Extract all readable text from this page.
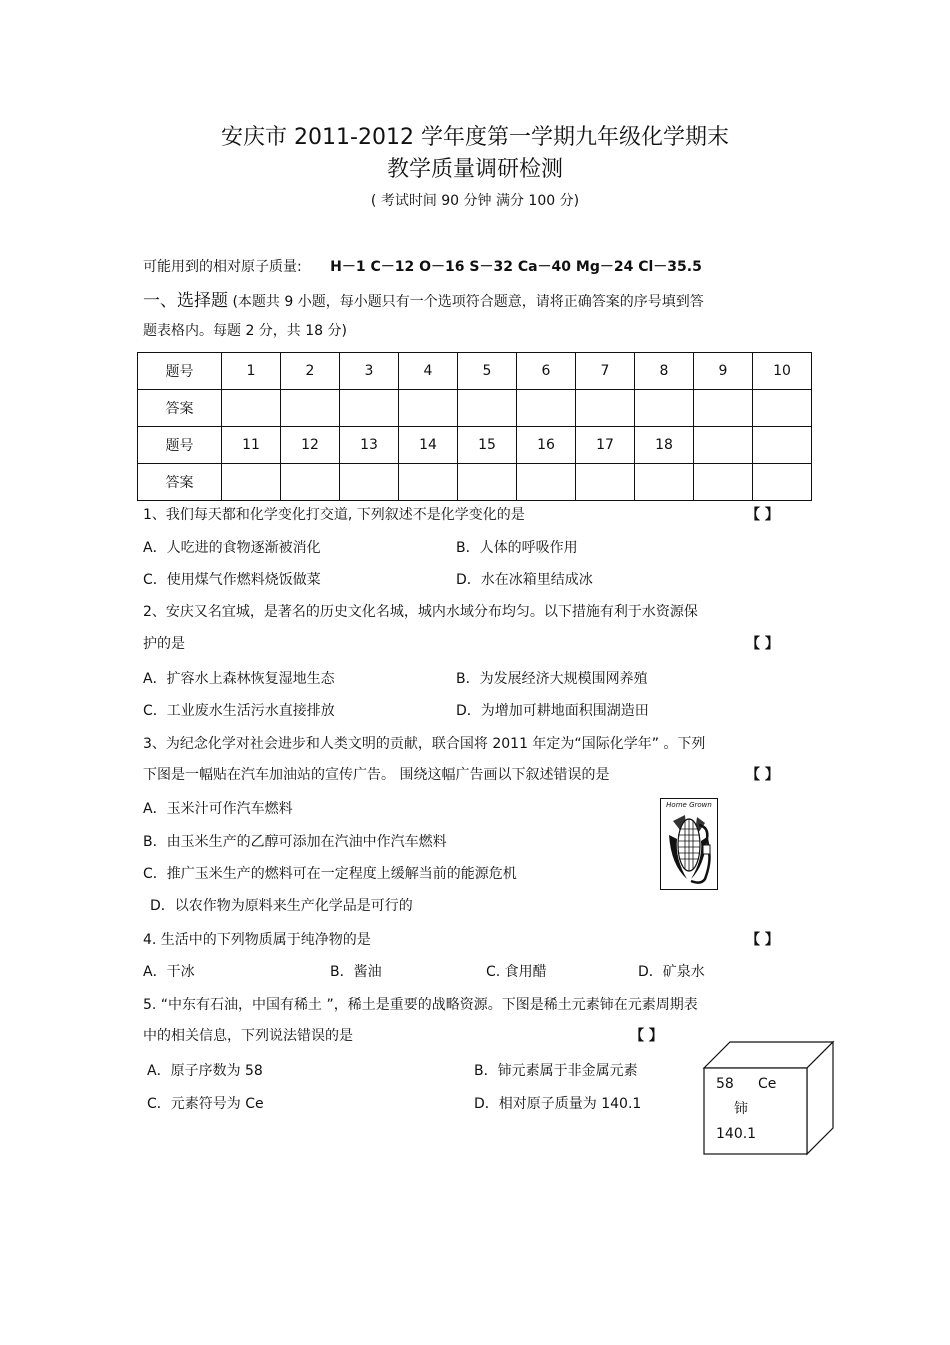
安庆市 2011-2012 学年度第一学期九年级化学期末
教学质量调研检测
( 考试时间 90 分钟 满分 100 分)
可能用到的相对原子质量: H－1 C－12 O－16 S－32 Ca－40 Mg－24 Cl－35.5
一、选择题 (本题共 9 小题，每小题只有一个选项符合题意，请将正确答案的序号填到答
题表格内。每题 2 分，共 18 分)
题号	1	2	3	4	5	6	7	8	9	10
答案										
题号	11	12	13	14	15	16	17	18		
答案										
1、我们每天都和化学变化打交道, 下列叙述不是化学变化的是	【 】
A．人吃进的食物逐渐被消化	B．人体的呼吸作用
C．使用煤气作燃料烧饭做菜	D．水在冰箱里结成冰
2、安庆又名宜城，是著名的历史文化名城，城内水域分布均匀。以下措施有利于水资源保
护的是	【 】
A．扩容水上森林恢复湿地生态	B．为发展经济大规模围网养殖
C．工业废水生活污水直接排放	D．为增加可耕地面积围湖造田
3、为纪念化学对社会进步和人类文明的贡献，联合国将 2011 年定为“国际化学年” 。下列
下图是一幅贴在汽车加油站的宣传广告。 围绕这幅广告画以下叙述错误的是	【 】
A．玉米汁可作汽车燃料
B．由玉米生产的乙醇可添加在汽油中作汽车燃料
C．推广玉米生产的燃料可在一定程度上缓解当前的能源危机
D．以农作物为原料来生产化学品是可行的
Home Grown
4. 生活中的下列物质属于纯净物的是	【 】
A．干冰	B．酱油	C. 食用醋	D．矿泉水
5. “中东有石油，中国有稀土 ”，稀土是重要的战略资源。下图是稀土元素铈在元素周期表
中的相关信息，下列说法错误的是	【 】
A．原子序数为 58	B．铈元素属于非金属元素
C．元素符号为 Ce	D．相对原子质量为 140.1
58 Ce
铈
140.1
